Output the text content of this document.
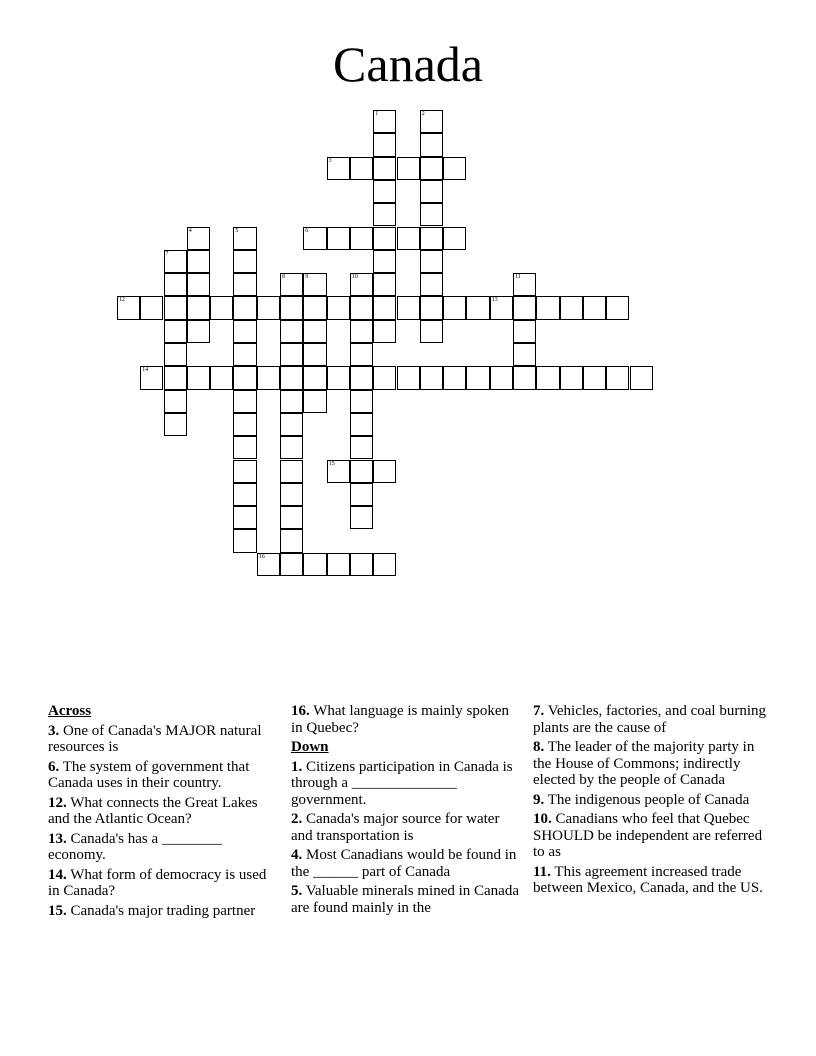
Canada
1	2
3
4	5	6
7
8	9	10	11
12	13
14
15
16
Across
3. One of Canada's MAJOR natural resources is
6. The system of government that Canada uses in their country.
12. What connects the Great Lakes and the Atlantic Ocean?
13. Canada's has a ________ economy.
14. What form of democracy is used in Canada?
15. Canada's major trading partner
16. What language is mainly spoken in Quebec?
Down
1. Citizens participation in Canada is through a ______________ government.
2. Canada's major source for water and transportation is
4. Most Canadians would be found in the ______ part of Canada
5. Valuable minerals mined in Canada are found mainly in the
7. Vehicles, factories, and coal burning plants are the cause of
8. The leader of the majority party in the House of Commons; indirectly elected by the people of Canada
9. The indigenous people of Canada
10. Canadians who feel that Quebec SHOULD be independent are referred to as
11. This agreement increased trade between Mexico, Canada, and the US.
